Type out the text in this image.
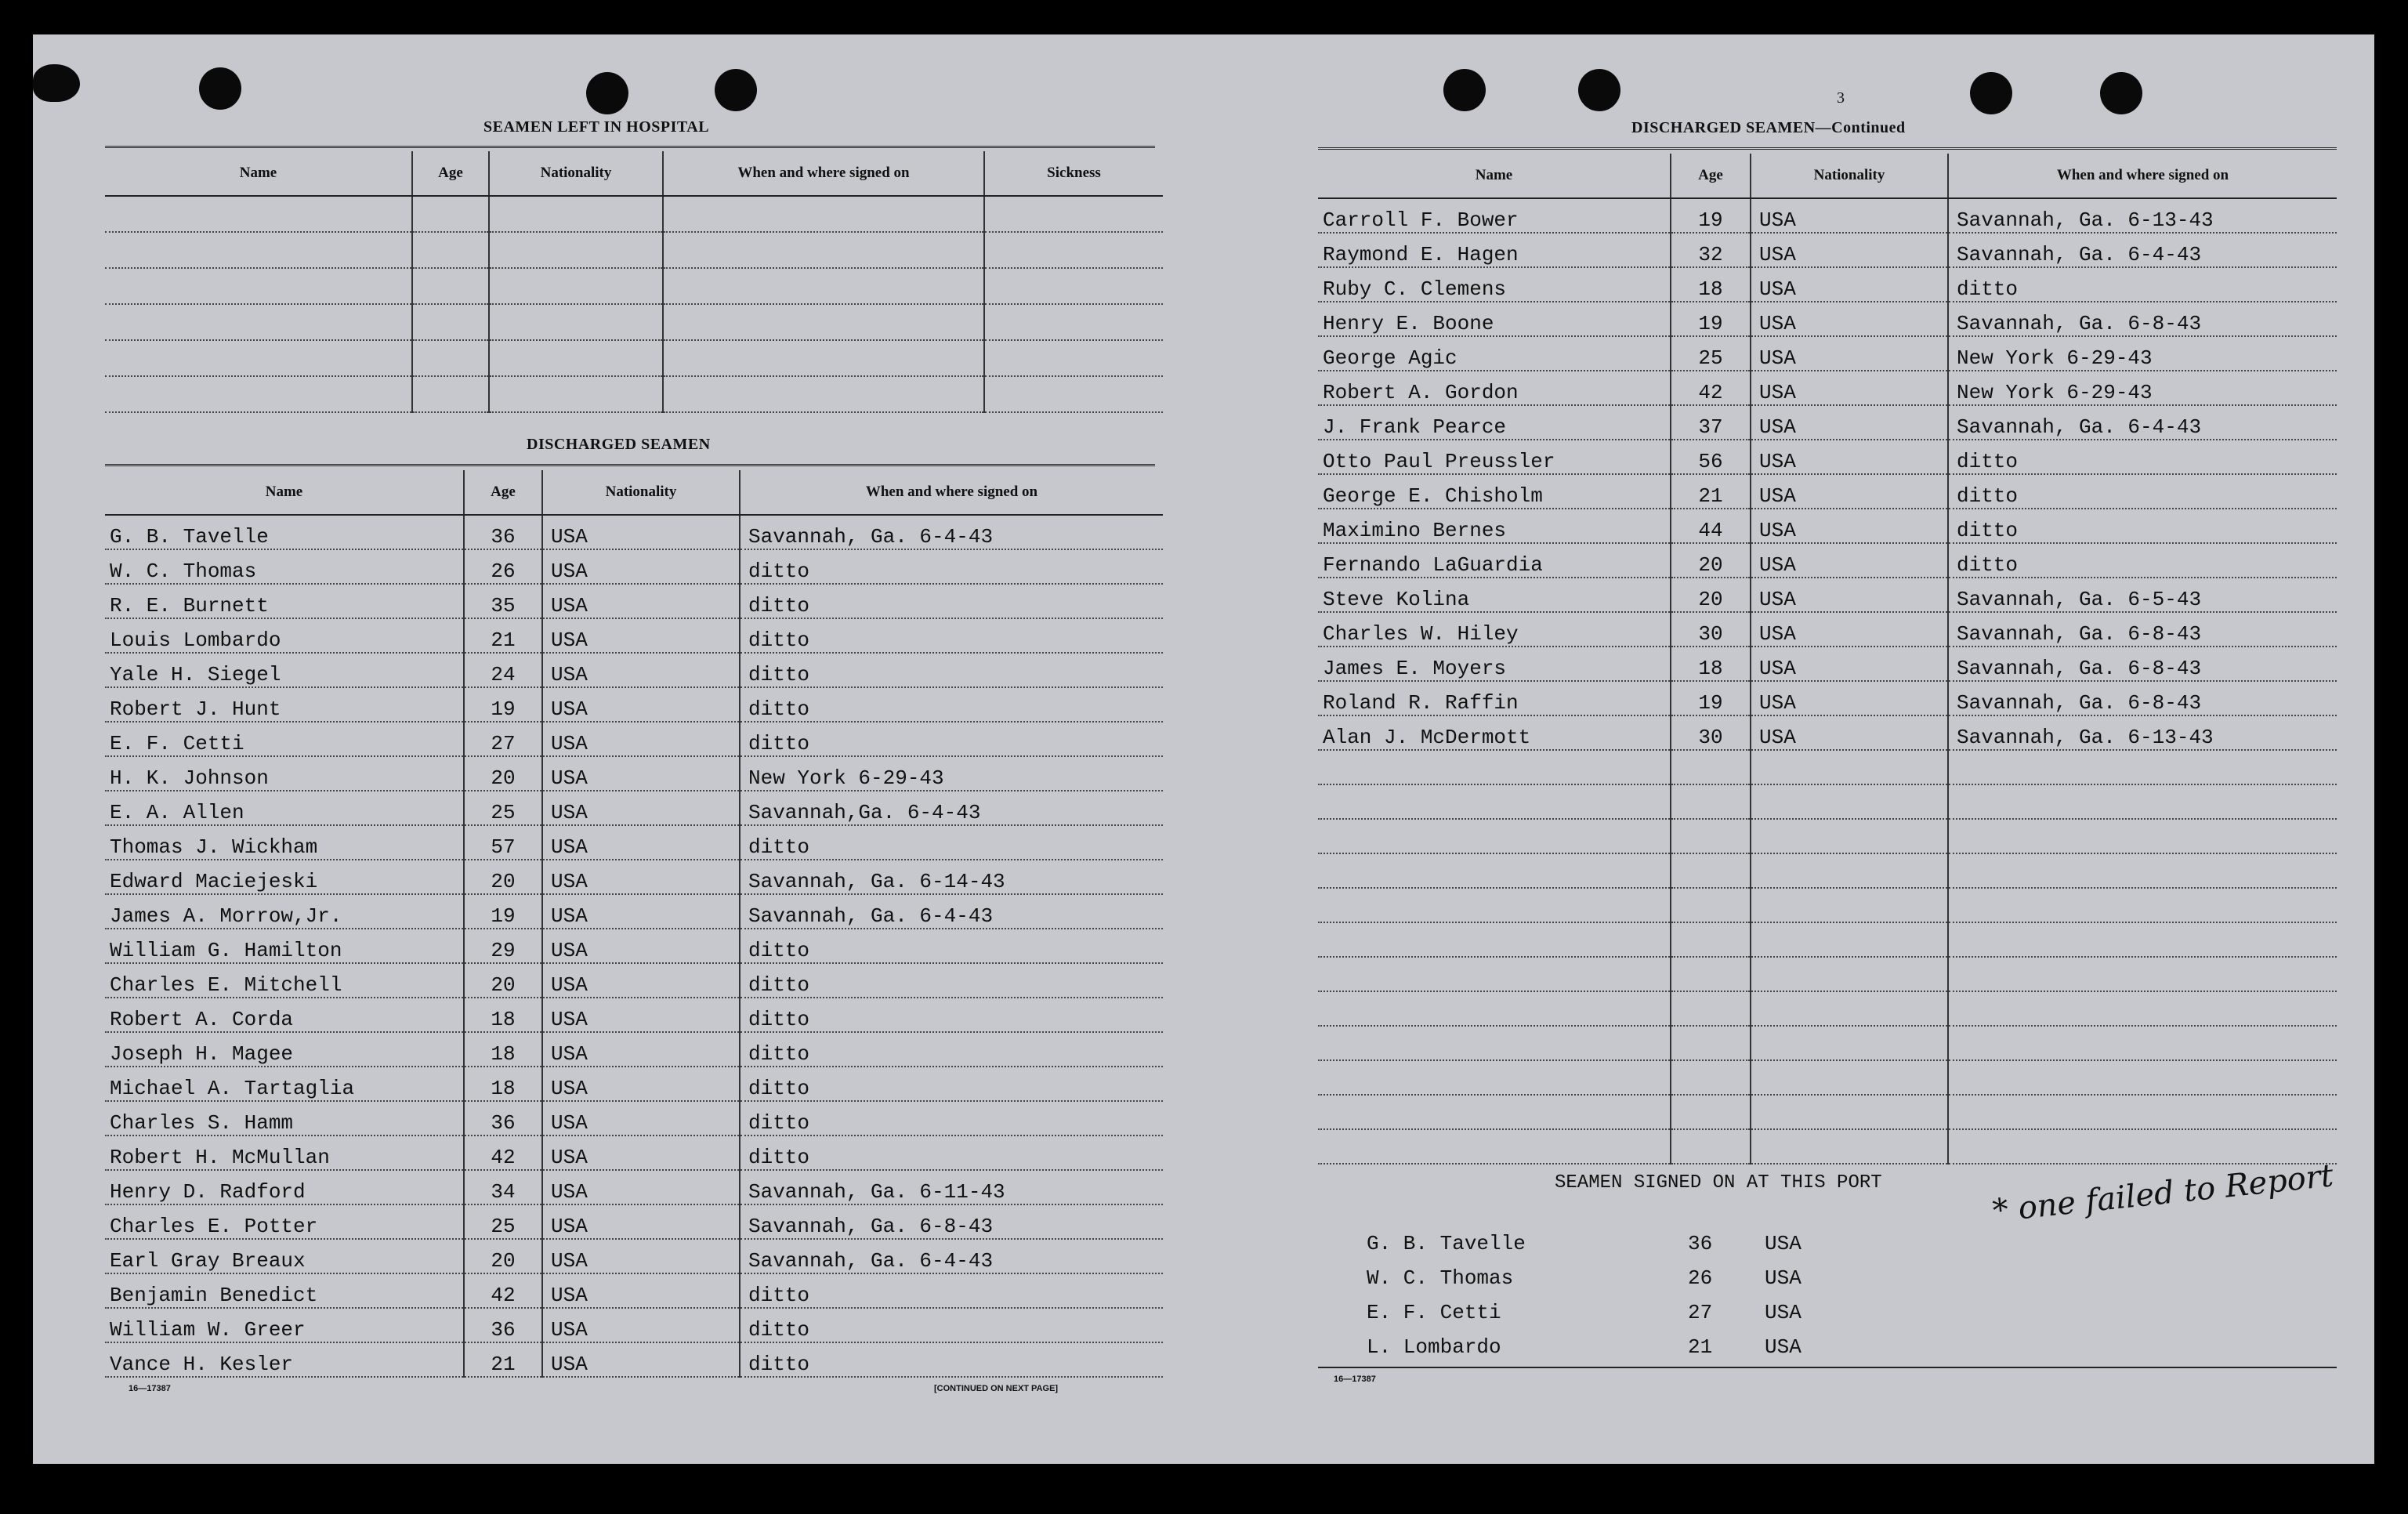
SEAMEN LEFT IN HOSPITAL
Name	Age	Nationality	When and where signed on	Sickness

DISCHARGED SEAMEN
Name	Age	Nationality	When and where signed on
G. B. Tavelle	36	USA	Savannah, Ga. 6-4-43
W. C. Thomas	26	USA	ditto
R. E. Burnett	35	USA	ditto
Louis Lombardo	21	USA	ditto
Yale H. Siegel	24	USA	ditto
Robert J. Hunt	19	USA	ditto
E. F. Cetti	27	USA	ditto
H. K. Johnson	20	USA	New York 6-29-43
E. A. Allen	25	USA	Savannah,Ga. 6-4-43
Thomas J. Wickham	57	USA	ditto
Edward Maciejeski	20	USA	Savannah, Ga. 6-14-43
James A. Morrow,Jr.	19	USA	Savannah, Ga. 6-4-43
William G. Hamilton	29	USA	ditto
Charles E. Mitchell	20	USA	ditto
Robert A. Corda	18	USA	ditto
Joseph H. Magee	18	USA	ditto
Michael A. Tartaglia	18	USA	ditto
Charles S. Hamm	36	USA	ditto
Robert H. McMullan	42	USA	ditto
Henry D. Radford	34	USA	Savannah, Ga. 6-11-43
Charles E. Potter	25	USA	Savannah, Ga. 6-8-43
Earl Gray Breaux	20	USA	Savannah, Ga. 6-4-43
Benjamin Benedict	42	USA	ditto
William W. Greer	36	USA	ditto
Vance H. Kesler	21	USA	ditto
16—17387	[CONTINUED ON NEXT PAGE]
3
DISCHARGED SEAMEN—Continued
Name	Age	Nationality	When and where signed on
Carroll F. Bower	19	USA	Savannah, Ga. 6-13-43
Raymond E. Hagen	32	USA	Savannah, Ga. 6-4-43
Ruby C. Clemens	18	USA	ditto
Henry E. Boone	19	USA	Savannah, Ga. 6-8-43
George Agic	25	USA	New York 6-29-43
Robert A. Gordon	42	USA	New York 6-29-43
J. Frank Pearce	37	USA	Savannah, Ga. 6-4-43
Otto Paul Preussler	56	USA	ditto
George E. Chisholm	21	USA	ditto
Maximino Bernes	44	USA	ditto
Fernando LaGuardia	20	USA	ditto
Steve Kolina	20	USA	Savannah, Ga. 6-5-43
Charles W. Hiley	30	USA	Savannah, Ga. 6-8-43
James E. Moyers	18	USA	Savannah, Ga. 6-8-43
Roland R. Raffin	19	USA	Savannah, Ga. 6-8-43
Alan J. McDermott	30	USA	Savannah, Ga. 6-13-43

SEAMEN SIGNED ON AT THIS PORT
G. B. Tavelle	36	USA
W. C. Thomas	26	USA
E. F. Cetti	27	USA
L. Lombardo	21	USA
* one failed to Report
16—17387
